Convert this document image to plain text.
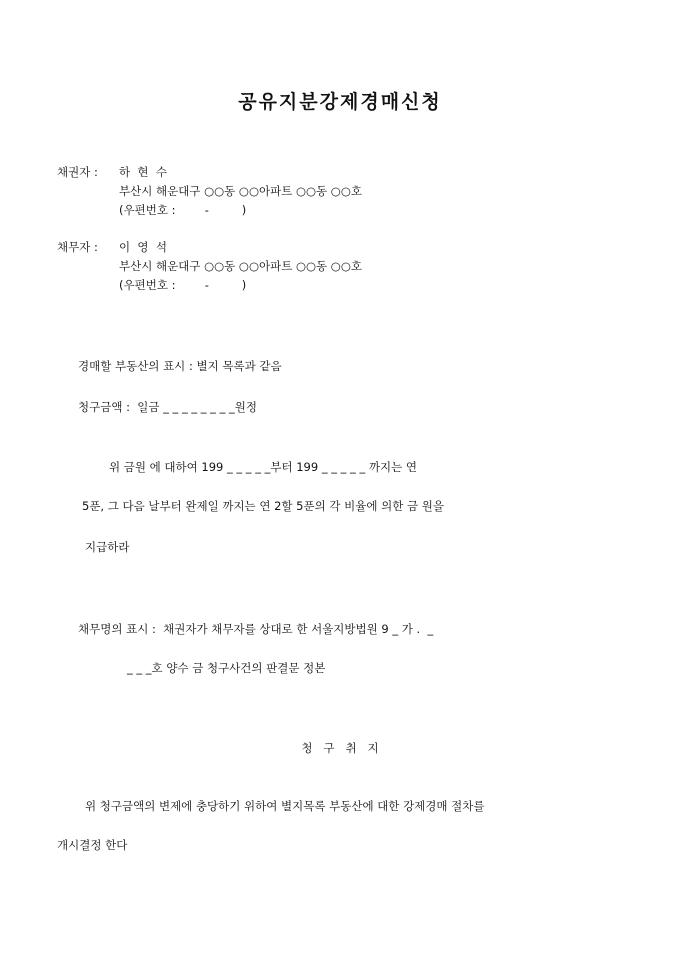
공유지분강제경매신청
채권자 : 하  현  수
부산시 해운대구 ○○동 ○○아파트 ○○동 ○○호
(우편번호 :        -         )
채무자 : 이  영  석
부산시 해운대구 ○○동 ○○아파트 ○○동 ○○호
(우편번호 :        -         )
경매할 부동산의 표시 : 별지 목록과 같음
청구금액 :  일금 _ _ _ _ _ _ _ _원정
위 금원 에 대하여 199 _ _ _ _ _부터 199 _ _ _ _ _ 까지는 연
5푼, 그 다음 날부터 완제일 까지는 연 2할 5푼의 각 비율에 의한 금 원을
지급하라
채무명의 표시 :  채권자가 채무자를 상대로 한 서울지방법원 9 _ 가 .  _
_ _ _호 양수 금 청구사건의 판결문 정본
청   구   취   지
위 청구금액의 변제에 충당하기 위하여 별지목록 부동산에 대한 강제경매 절차를
개시결정 한다
